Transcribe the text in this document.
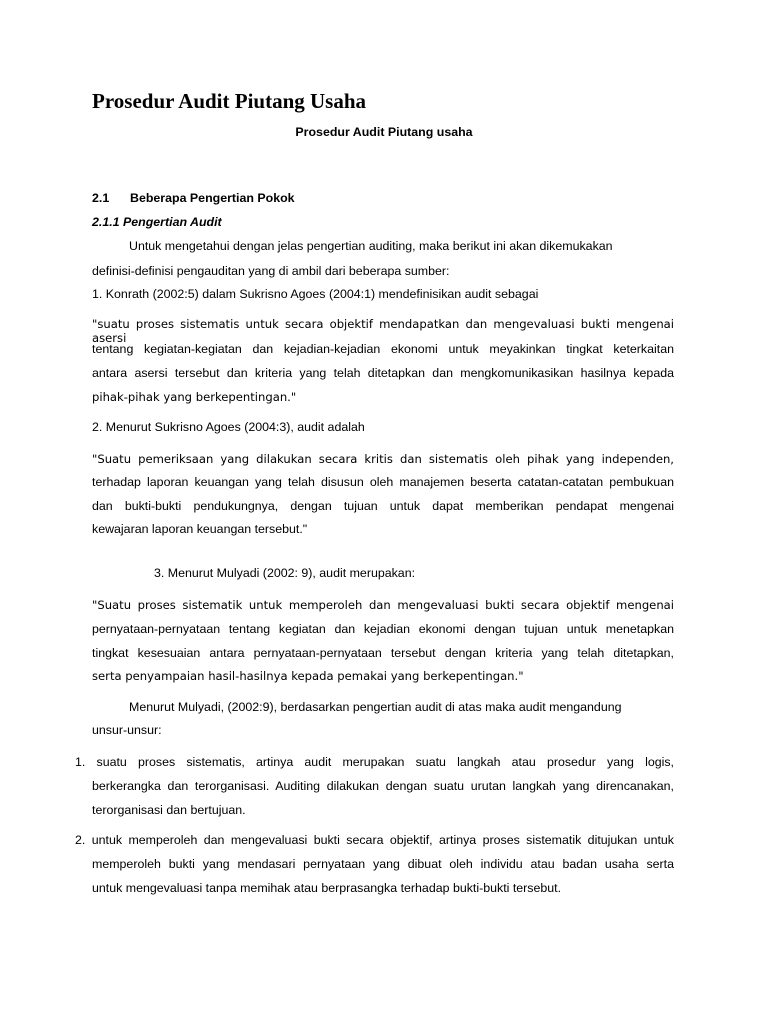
Prosedur Audit Piutang Usaha
Prosedur Audit Piutang usaha
2.1 Beberapa Pengertian Pokok
2.1.1 Pengertian Audit
Untuk mengetahui dengan jelas pengertian auditing, maka berikut ini akan dikemukakan
definisi-definisi pengauditan yang di ambil dari beberapa sumber:
1. Konrath (2002:5) dalam Sukrisno Agoes (2004:1) mendefinisikan audit sebagai
"suatu proses sistematis untuk secara objektif mendapatkan dan mengevaluasi bukti mengenai asersi
tentang kegiatan-kegiatan dan kejadian-kejadian ekonomi untuk meyakinkan tingkat keterkaitan
antara asersi tersebut dan kriteria yang telah ditetapkan dan mengkomunikasikan hasilnya kepada
pihak-pihak yang berkepentingan."
2. Menurut Sukrisno Agoes (2004:3), audit adalah
"Suatu pemeriksaan yang dilakukan secara kritis dan sistematis oleh pihak yang independen,
terhadap laporan keuangan yang telah disusun oleh manajemen beserta catatan-catatan pembukuan
dan bukti-bukti pendukungnya, dengan tujuan untuk dapat memberikan pendapat mengenai
kewajaran laporan keuangan tersebut."
3. Menurut Mulyadi (2002: 9), audit merupakan:
"Suatu proses sistematik untuk memperoleh dan mengevaluasi bukti secara objektif mengenai
pernyataan-pernyataan tentang kegiatan dan kejadian ekonomi dengan tujuan untuk menetapkan
tingkat kesesuaian antara pernyataan-pernyataan tersebut dengan kriteria yang telah ditetapkan,
serta penyampaian hasil-hasilnya kepada pemakai yang berkepentingan."
Menurut Mulyadi, (2002:9), berdasarkan pengertian audit di atas maka audit mengandung
unsur-unsur:
1. suatu proses sistematis, artinya audit merupakan suatu langkah atau prosedur yang logis,
berkerangka dan terorganisasi. Auditing dilakukan dengan suatu urutan langkah yang direncanakan,
terorganisasi dan bertujuan.
2. untuk memperoleh dan mengevaluasi bukti secara objektif, artinya proses sistematik ditujukan untuk
memperoleh bukti yang mendasari pernyataan yang dibuat oleh individu atau badan usaha serta
untuk mengevaluasi tanpa memihak atau berprasangka terhadap bukti-bukti tersebut.
